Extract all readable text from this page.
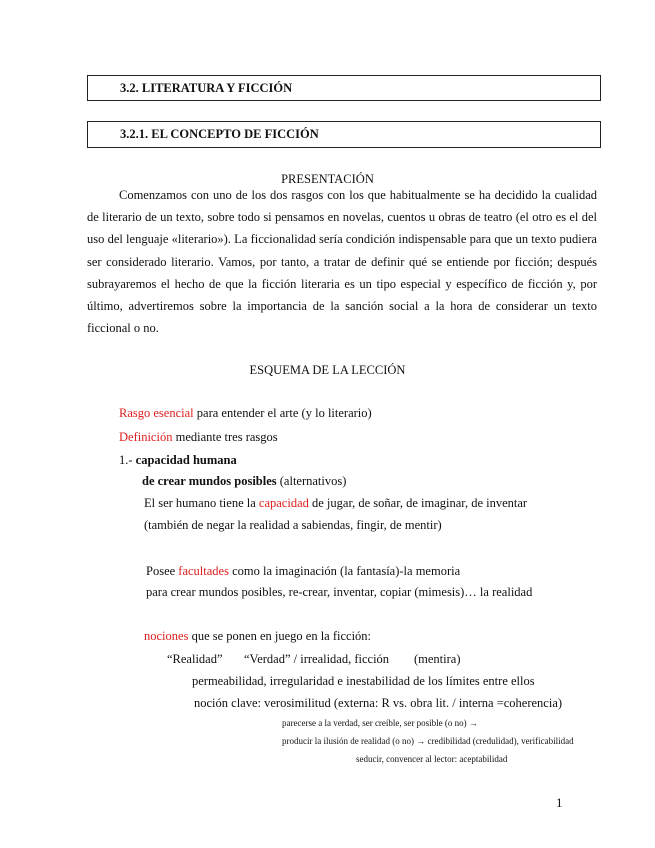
3.2. LITERATURA Y FICCIÓN
3.2.1. EL CONCEPTO DE FICCIÓN
PRESENTACIÓN
Comenzamos con uno de los dos rasgos con los que habitualmente se ha decidido la cualidad de literario de un texto, sobre todo si pensamos en novelas, cuentos u obras de teatro (el otro es el del uso del lenguaje «literario»). La ficcionalidad sería condición indispensable para que un texto pudiera ser considerado literario. Vamos, por tanto, a tratar de definir qué se entiende por ficción; después subrayaremos el hecho de que la ficción literaria es un tipo especial y específico de ficción y, por último, advertiremos sobre la importancia de la sanción social a la hora de considerar un texto ficcional o no.
ESQUEMA DE LA LECCIÓN
Rasgo esencial para entender el arte (y lo literario)
Definición mediante tres rasgos
1.- capacidad humana
de crear mundos posibles (alternativos)
El ser humano tiene la capacidad de jugar, de soñar, de imaginar, de inventar
(también de negar la realidad a sabiendas, fingir, de mentir)
Posee facultades como la imaginación (la fantasía)-la memoria
para crear mundos posibles, re-crear, inventar, copiar (mimesis)… la realidad
nociones que se ponen en juego en la ficción:
“Realidad” “Verdad” / irrealidad, ficción (mentira)
permeabilidad, irregularidad e inestabilidad de los límites entre ellos
noción clave: verosimilitud (externa: R vs. obra lit. / interna =coherencia)
parecerse a la verdad, ser creíble, ser posible (o no) →
producir la ilusión de realidad (o no) → credibilidad (credulidad), verificabilidad
seducir, convencer al lector: aceptabilidad
1
